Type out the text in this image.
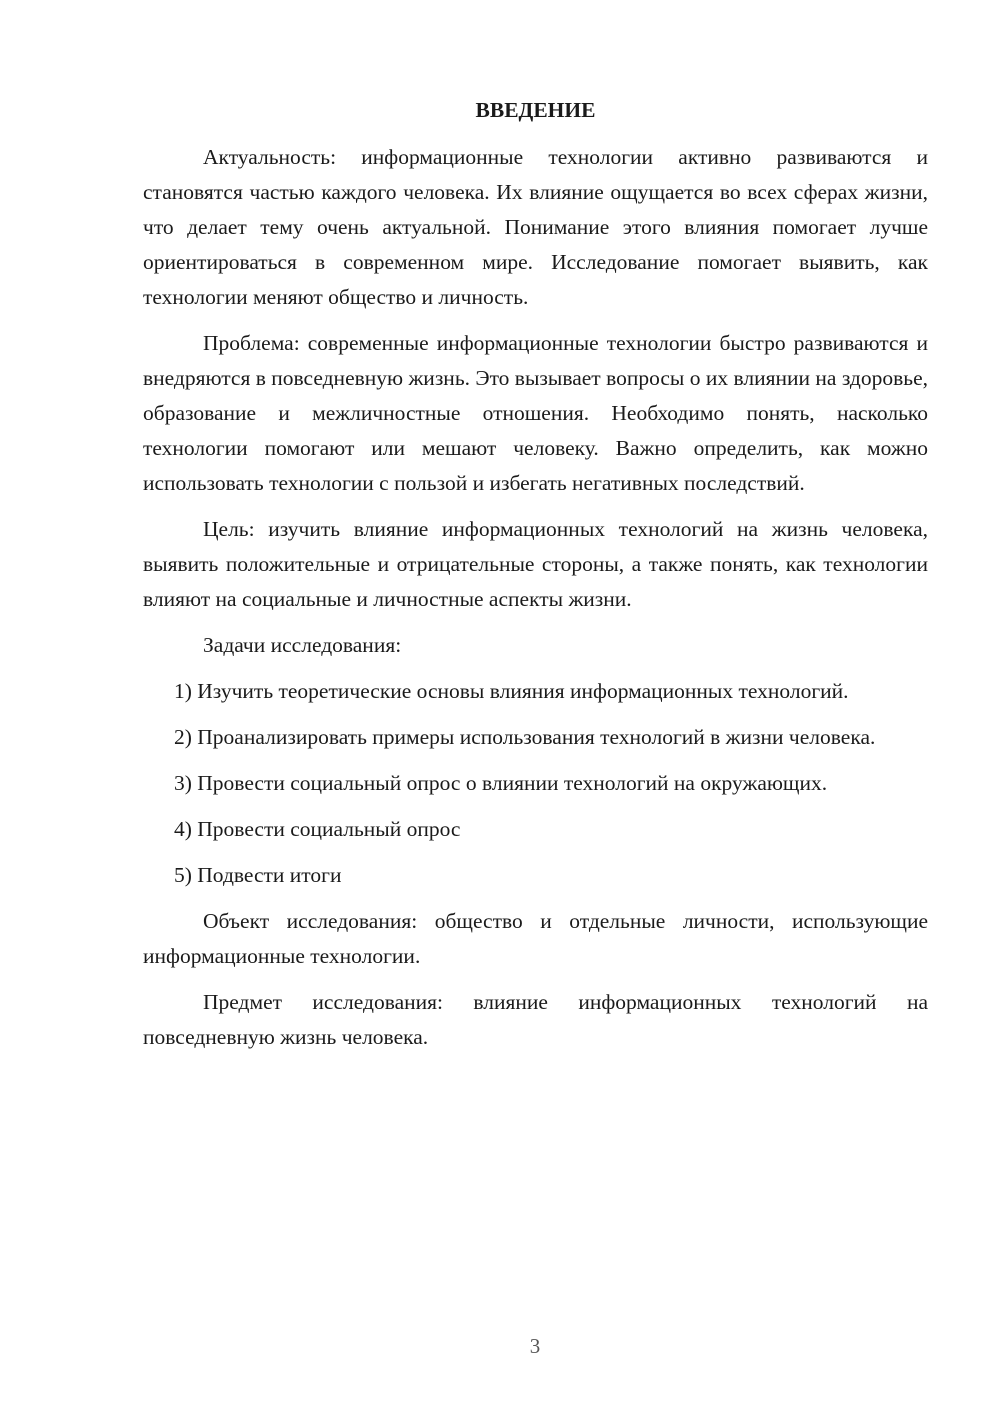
ВВЕДЕНИЕ

Актуальность: информационные технологии активно развиваются и становятся частью каждого человека. Их влияние ощущается во всех сферах жизни, что делает тему очень актуальной. Понимание этого влияния помогает лучше ориентироваться в современном мире. Исследование помогает выявить, как технологии меняют общество и личность.

Проблема: современные информационные технологии быстро развиваются и внедряются в повседневную жизнь. Это вызывает вопросы о их влиянии на здоровье, образование и межличностные отношения. Необходимо понять, насколько технологии помогают или мешают человеку. Важно определить, как можно использовать технологии с пользой и избегать негативных последствий.

Цель: изучить влияние информационных технологий на жизнь человека, выявить положительные и отрицательные стороны, а также понять, как технологии влияют на социальные и личностные аспекты жизни.

Задачи исследования:

1) Изучить теоретические основы влияния информационных технологий.

2) Проанализировать примеры использования технологий в жизни человека.

3) Провести социальный опрос о влиянии технологий на окружающих.

4) Провести социальный опрос

5) Подвести итоги

Объект исследования: общество и отдельные личности, использующие информационные технологии.

Предмет исследования: влияние информационных технологий на повседневную жизнь человека.

3
